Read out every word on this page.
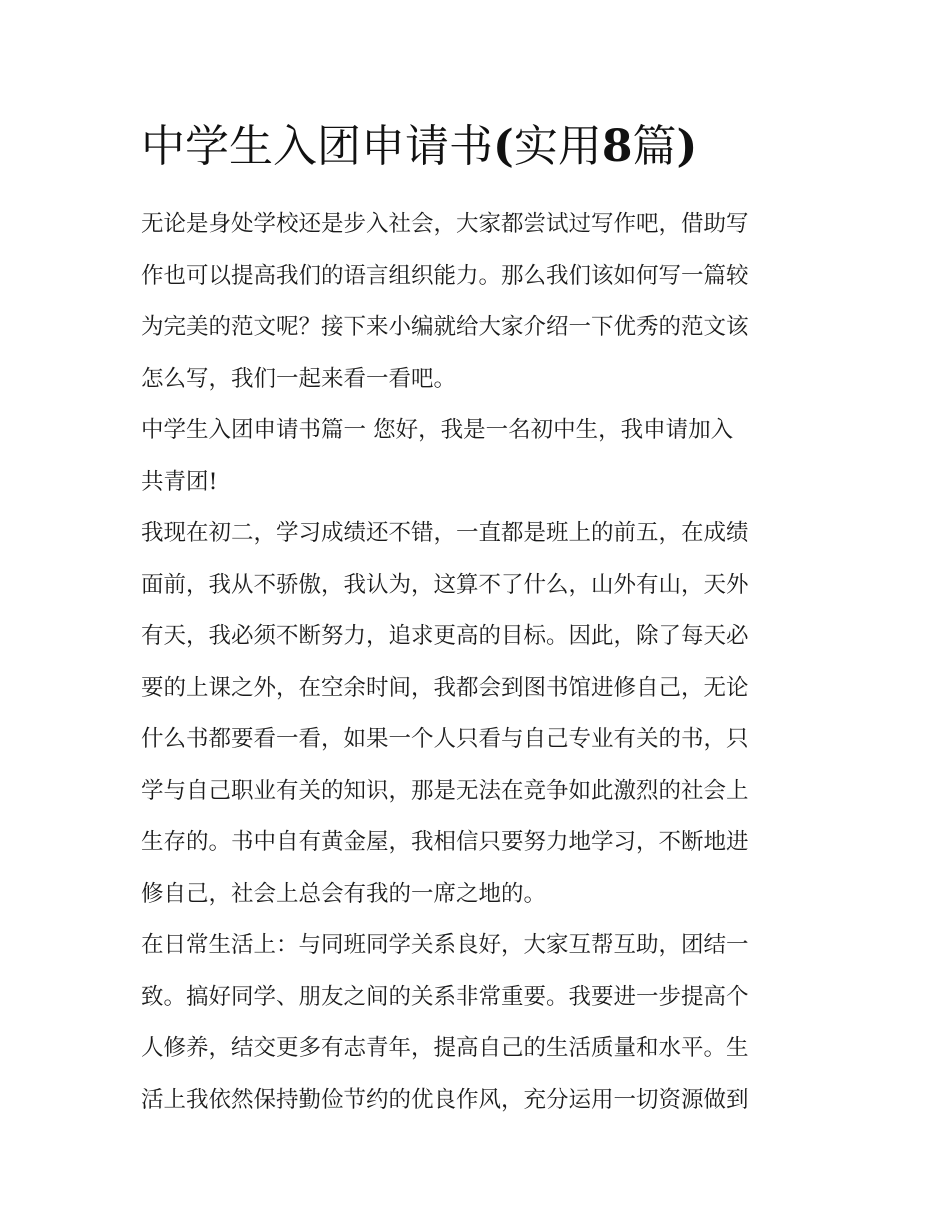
中学生入团申请书(实用8篇)

无论是身处学校还是步入社会，大家都尝试过写作吧，借助写
作也可以提高我们的语言组织能力。那么我们该如何写一篇较
为完美的范文呢？接下来小编就给大家介绍一下优秀的范文该
怎么写，我们一起来看一看吧。

中学生入团申请书篇一 您好，我是一名初中生，我申请加入
共青团!

我现在初二，学习成绩还不错，一直都是班上的前五，在成绩
面前，我从不骄傲，我认为，这算不了什么，山外有山，天外
有天，我必须不断努力，追求更高的目标。因此，除了每天必
要的上课之外，在空余时间，我都会到图书馆进修自己，无论
什么书都要看一看，如果一个人只看与自己专业有关的书，只
学与自己职业有关的知识，那是无法在竞争如此激烈的社会上
生存的。书中自有黄金屋，我相信只要努力地学习，不断地进
修自己，社会上总会有我的一席之地的。

在日常生活上：与同班同学关系良好，大家互帮互助，团结一
致。搞好同学、朋友之间的关系非常重要。我要进一步提高个
人修养，结交更多有志青年，提高自己的生活质量和水平。生
活上我依然保持勤俭节约的优良作风，充分运用一切资源做到
